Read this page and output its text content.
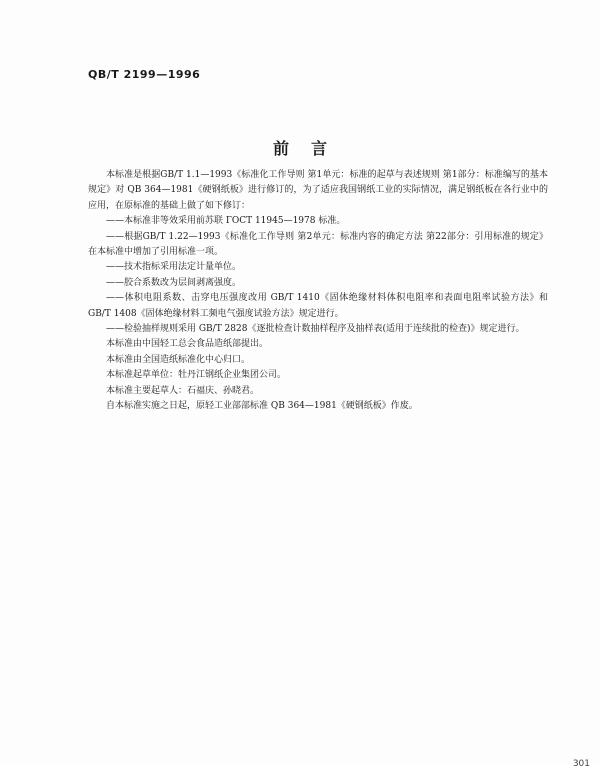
QB/T 2199—1996
前言

本标准是根据GB/T 1.1—1993《标准化工作导则 第1单元：标准的起草与表述规则 第1部分：标准编写的基本规定》对 QB 364—1981《硬钢纸板》进行修订的，为了适应我国钢纸工业的实际情况，满足钢纸板在各行业中的应用，在原标准的基础上做了如下修订：

——本标准非等效采用前苏联 ГОСТ 11945—1978 标准。

——根据GB/T 1.22—1993《标准化工作导则 第2单元：标准内容的确定方法 第22部分：引用标准的规定》在本标准中增加了引用标准一项。

——技术指标采用法定计量单位。

——胶合系数改为层间剥离强度。

——体积电阻系数、击穿电压强度改用 GB/T 1410《固体绝缘材料体积电阻率和表面电阻率试验方法》和 GB/T 1408《固体绝缘材料工频电气强度试验方法》规定进行。

——检验抽样规则采用 GB/T 2828《逐批检查计数抽样程序及抽样表(适用于连续批的检查)》规定进行。

本标准由中国轻工总会食品造纸部提出。

本标准由全国造纸标准化中心归口。

本标准起草单位：牡丹江钢纸企业集团公司。

本标准主要起草人：石福庆、孙晓君。

自本标准实施之日起，原轻工业部部标准 QB 364—1981《硬钢纸板》作废。

301
